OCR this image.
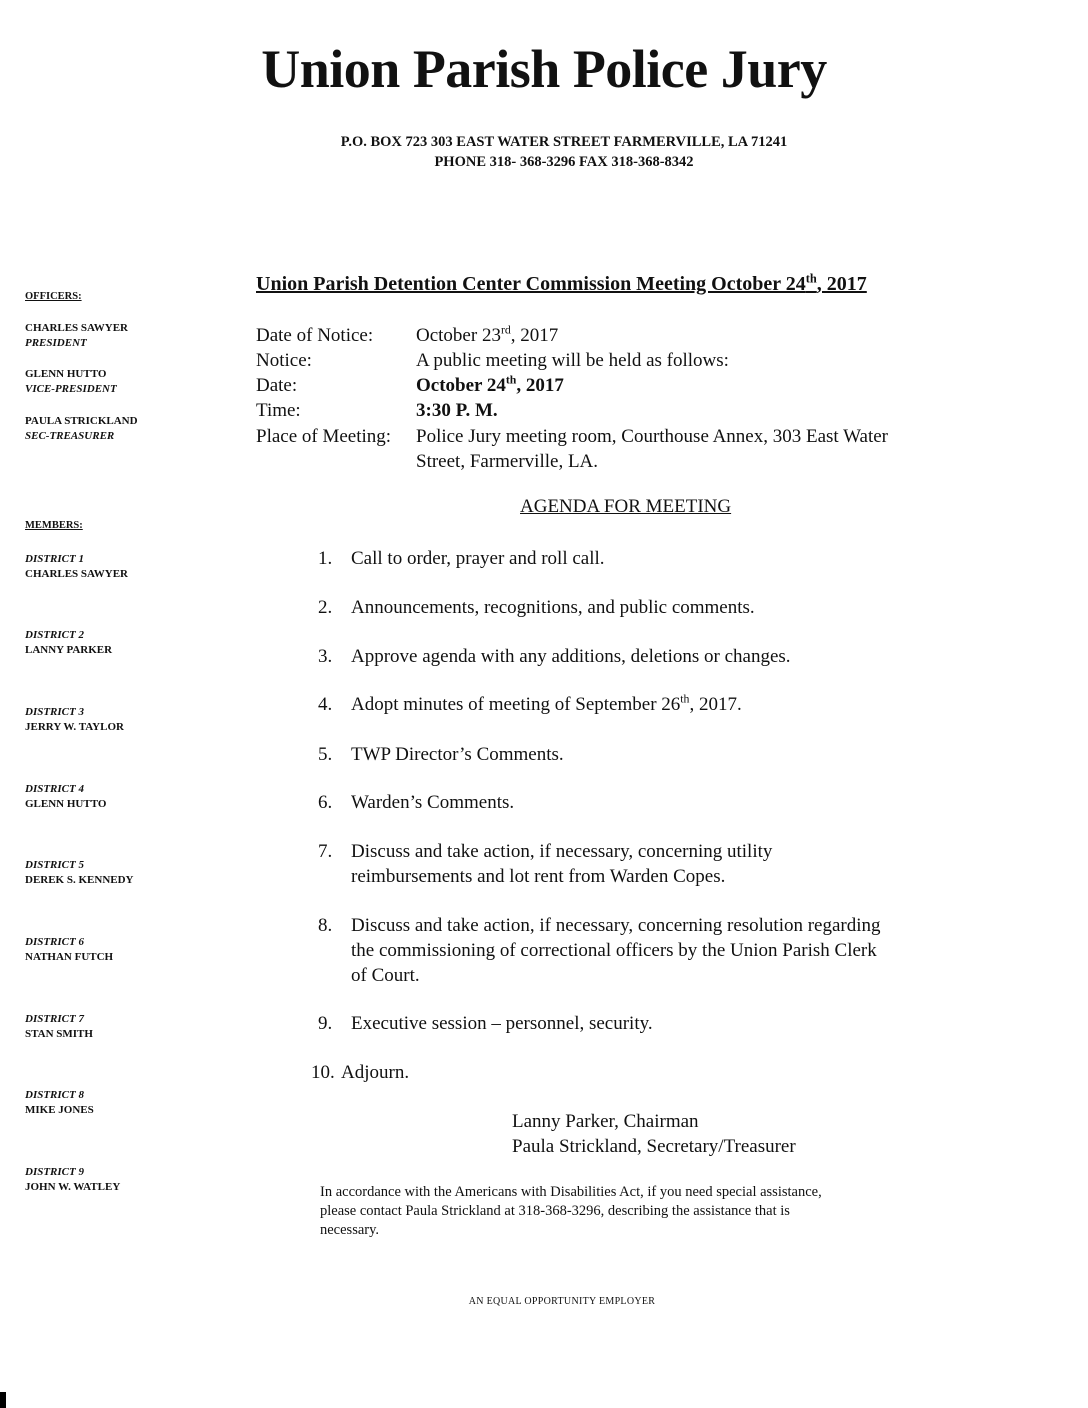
Union Parish Police Jury
P.O. BOX 723 303 EAST WATER STREET FARMERVILLE, LA 71241
PHONE 318- 368-3296 FAX 318-368-8342
OFFICERS:
CHARLES SAWYER
PRESIDENT
GLENN HUTTO
VICE-PRESIDENT
PAULA STRICKLAND
SEC-TREASURER
MEMBERS:
DISTRICT 1
CHARLES SAWYER
DISTRICT 2
LANNY PARKER
DISTRICT 3
JERRY W. TAYLOR
DISTRICT 4
GLENN HUTTO
DISTRICT 5
DEREK S. KENNEDY
DISTRICT 6
NATHAN FUTCH
DISTRICT 7
STAN SMITH
DISTRICT 8
MIKE JONES
DISTRICT 9
JOHN W. WATLEY
Union Parish Detention Center Commission Meeting October 24th, 2017
Date of Notice: October 23rd, 2017
Notice:	A public meeting will be held as follows:
Date:	October 24th, 2017
Time:	3:30 P. M.
Place of Meeting: Police Jury meeting room, Courthouse Annex, 303 East Water
Street, Farmerville, LA.
AGENDA FOR MEETING
1. Call to order, prayer and roll call.
2. Announcements, recognitions, and public comments.
3. Approve agenda with any additions, deletions or changes.
4. Adopt minutes of meeting of September 26th, 2017.
5. TWP Director’s Comments.
6. Warden’s Comments.
7. Discuss and take action, if necessary, concerning utility
reimbursements and lot rent from Warden Copes.
8. Discuss and take action, if necessary, concerning resolution regarding
the commissioning of correctional officers by the Union Parish Clerk
of Court.
9. Executive session – personnel, security.
10. Adjourn.
Lanny Parker, Chairman
Paula Strickland, Secretary/Treasurer
In accordance with the Americans with Disabilities Act, if you need special assistance,
please contact Paula Strickland at 318-368-3296, describing the assistance that is
necessary.
AN EQUAL OPPORTUNITY EMPLOYER
